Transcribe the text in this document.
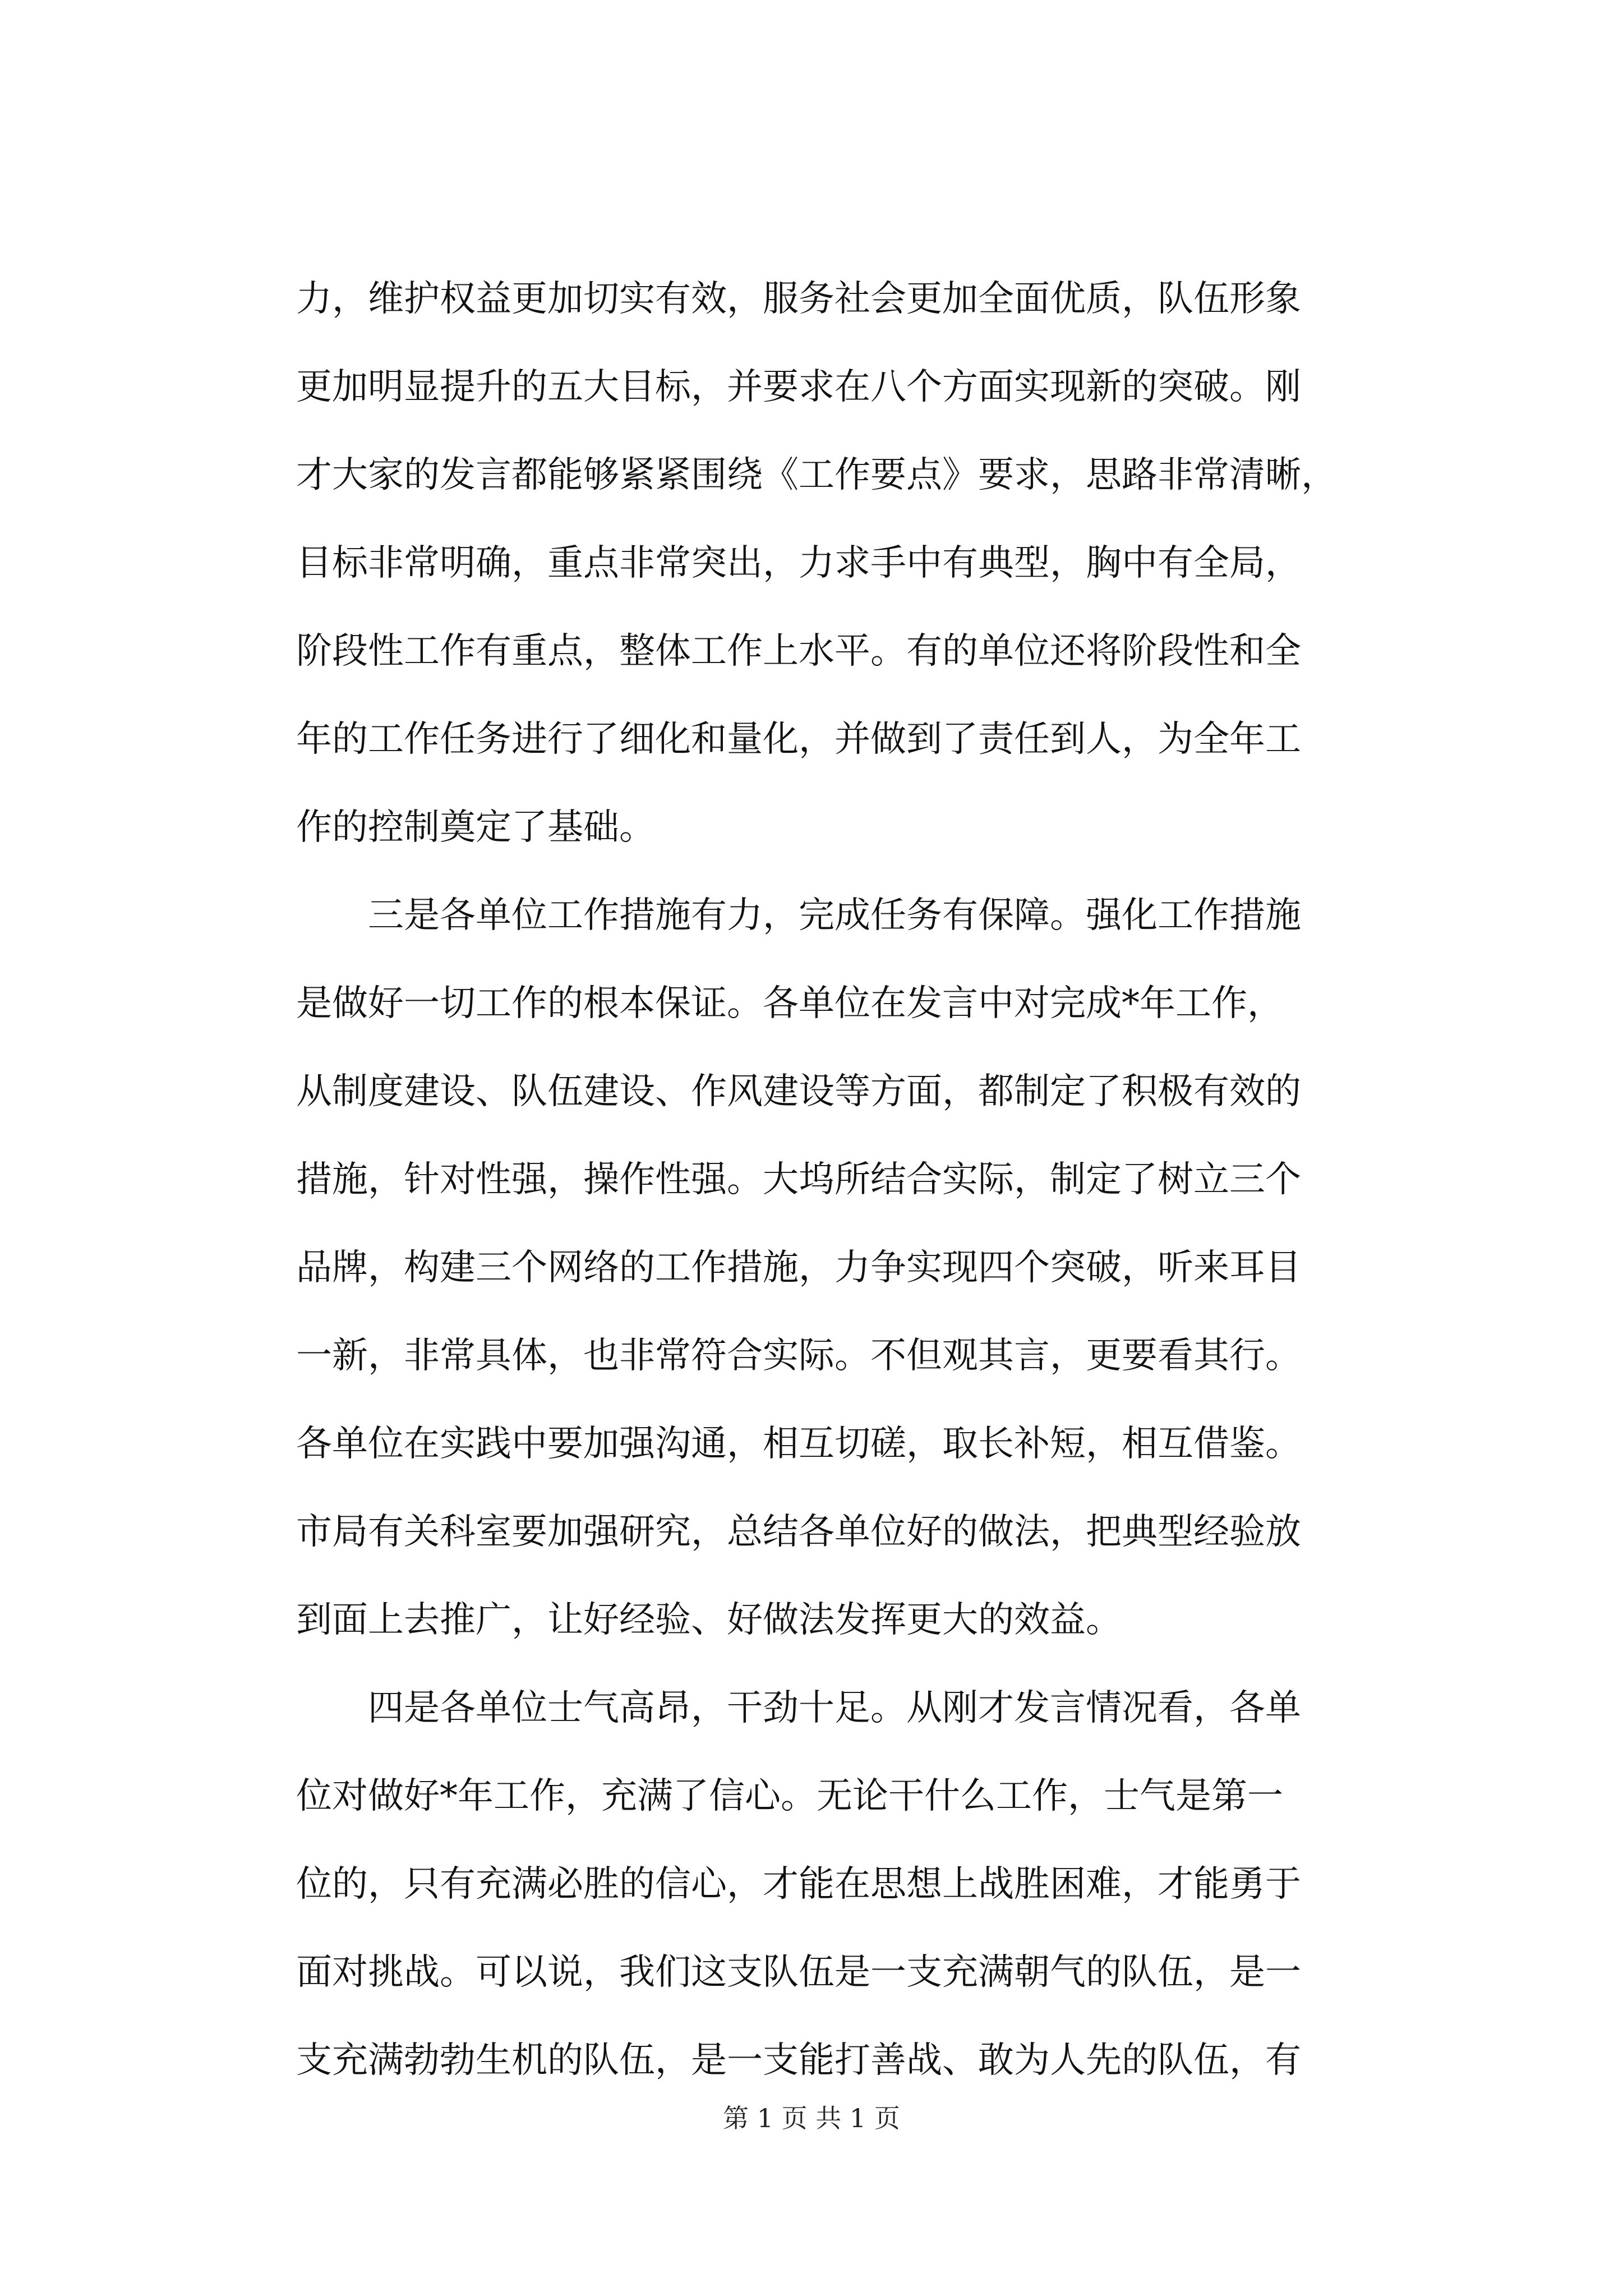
力，维护权益更加切实有效，服务社会更加全面优质，队伍形象
更加明显提升的五大目标，并要求在八个方面实现新的突破。刚
才大家的发言都能够紧紧围绕《工作要点》要求，思路非常清晰，
目标非常明确，重点非常突出，力求手中有典型，胸中有全局，
阶段性工作有重点，整体工作上水平。有的单位还将阶段性和全
年的工作任务进行了细化和量化，并做到了责任到人，为全年工
作的控制奠定了基础。
三是各单位工作措施有力，完成任务有保障。强化工作措施
是做好一切工作的根本保证。各单位在发言中对完成*年工作，
从制度建设、队伍建设、作风建设等方面，都制定了积极有效的
措施，针对性强，操作性强。大坞所结合实际，制定了树立三个
品牌，构建三个网络的工作措施，力争实现四个突破，听来耳目
一新，非常具体，也非常符合实际。不但观其言，更要看其行。
各单位在实践中要加强沟通，相互切磋，取长补短，相互借鉴。
市局有关科室要加强研究，总结各单位好的做法，把典型经验放
到面上去推广，让好经验、好做法发挥更大的效益。
四是各单位士气高昂，干劲十足。从刚才发言情况看，各单
位对做好*年工作，充满了信心。无论干什么工作，士气是第一
位的，只有充满必胜的信心，才能在思想上战胜困难，才能勇于
面对挑战。可以说，我们这支队伍是一支充满朝气的队伍，是一
支充满勃勃生机的队伍，是一支能打善战、敢为人先的队伍，有
第 1 页 共 1 页
